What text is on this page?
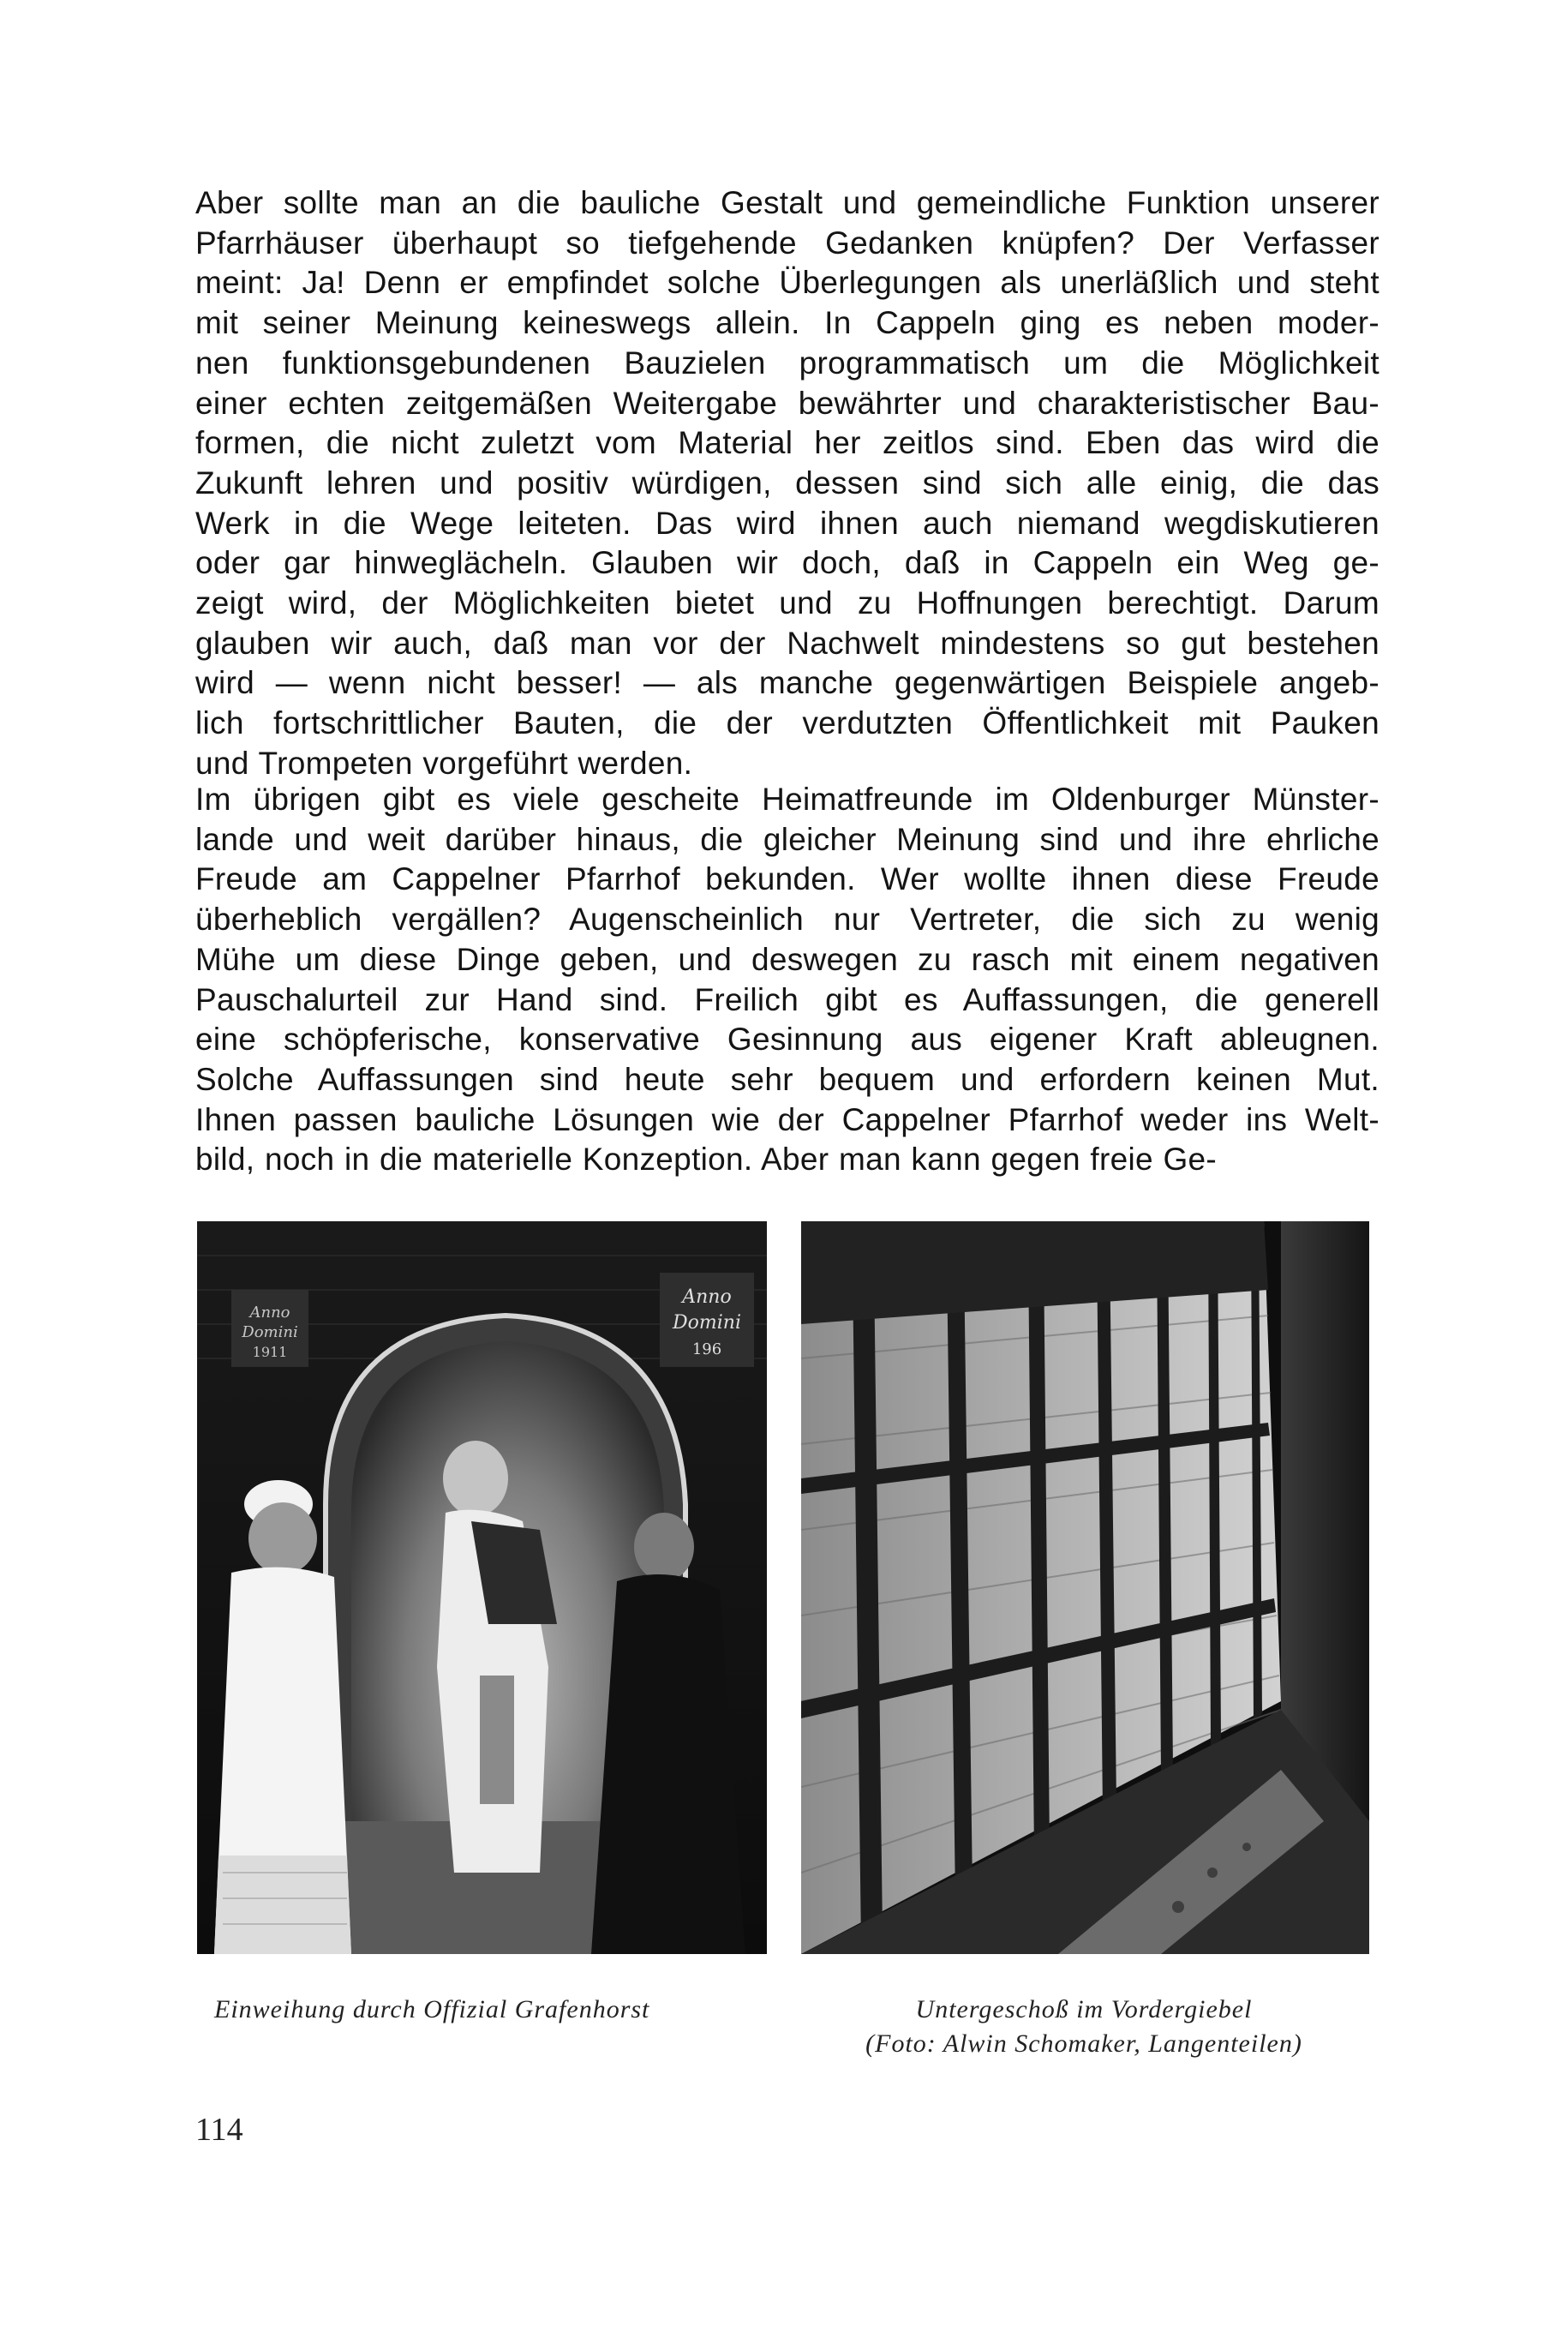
Aber sollte man an die bauliche Gestalt und gemeindliche Funktion unserer
Pfarrhäuser überhaupt so tiefgehende Gedanken knüpfen? Der Verfasser
meint: Ja! Denn er empfindet solche Überlegungen als unerläßlich und steht
mit seiner Meinung keineswegs allein. In Cappeln ging es neben moder-
nen funktionsgebundenen Bauzielen programmatisch um die Möglichkeit
einer echten zeitgemäßen Weitergabe bewährter und charakteristischer Bau-
formen, die nicht zuletzt vom Material her zeitlos sind. Eben das wird die
Zukunft lehren und positiv würdigen, dessen sind sich alle einig, die das
Werk in die Wege leiteten. Das wird ihnen auch niemand wegdiskutieren
oder gar hinweglächeln. Glauben wir doch, daß in Cappeln ein Weg ge-
zeigt wird, der Möglichkeiten bietet und zu Hoffnungen berechtigt. Darum
glauben wir auch, daß man vor der Nachwelt mindestens so gut bestehen
wird — wenn nicht besser! — als manche gegenwärtigen Beispiele angeb-
lich fortschrittlicher Bauten, die der verdutzten Öffentlichkeit mit Pauken
und Trompeten vorgeführt werden.

Im übrigen gibt es viele gescheite Heimatfreunde im Oldenburger Münster-
lande und weit darüber hinaus, die gleicher Meinung sind und ihre ehrliche
Freude am Cappelner Pfarrhof bekunden. Wer wollte ihnen diese Freude
überheblich vergällen? Augenscheinlich nur Vertreter, die sich zu wenig
Mühe um diese Dinge geben, und deswegen zu rasch mit einem negativen
Pauschalurteil zur Hand sind. Freilich gibt es Auffassungen, die generell
eine schöpferische, konservative Gesinnung aus eigener Kraft ableugnen.
Solche Auffassungen sind heute sehr bequem und erfordern keinen Mut.
Ihnen passen bauliche Lösungen wie der Cappelner Pfarrhof weder ins Welt-
bild, noch in die materielle Konzeption. Aber man kann gegen freie Ge-

Anno
Domini
1911
Anno
Domini
196
Einweihung durch Offizial Grafenhorst	Untergeschoß im Vordergiebel
(Foto: Alwin Schomaker, Langenteilen)
114
